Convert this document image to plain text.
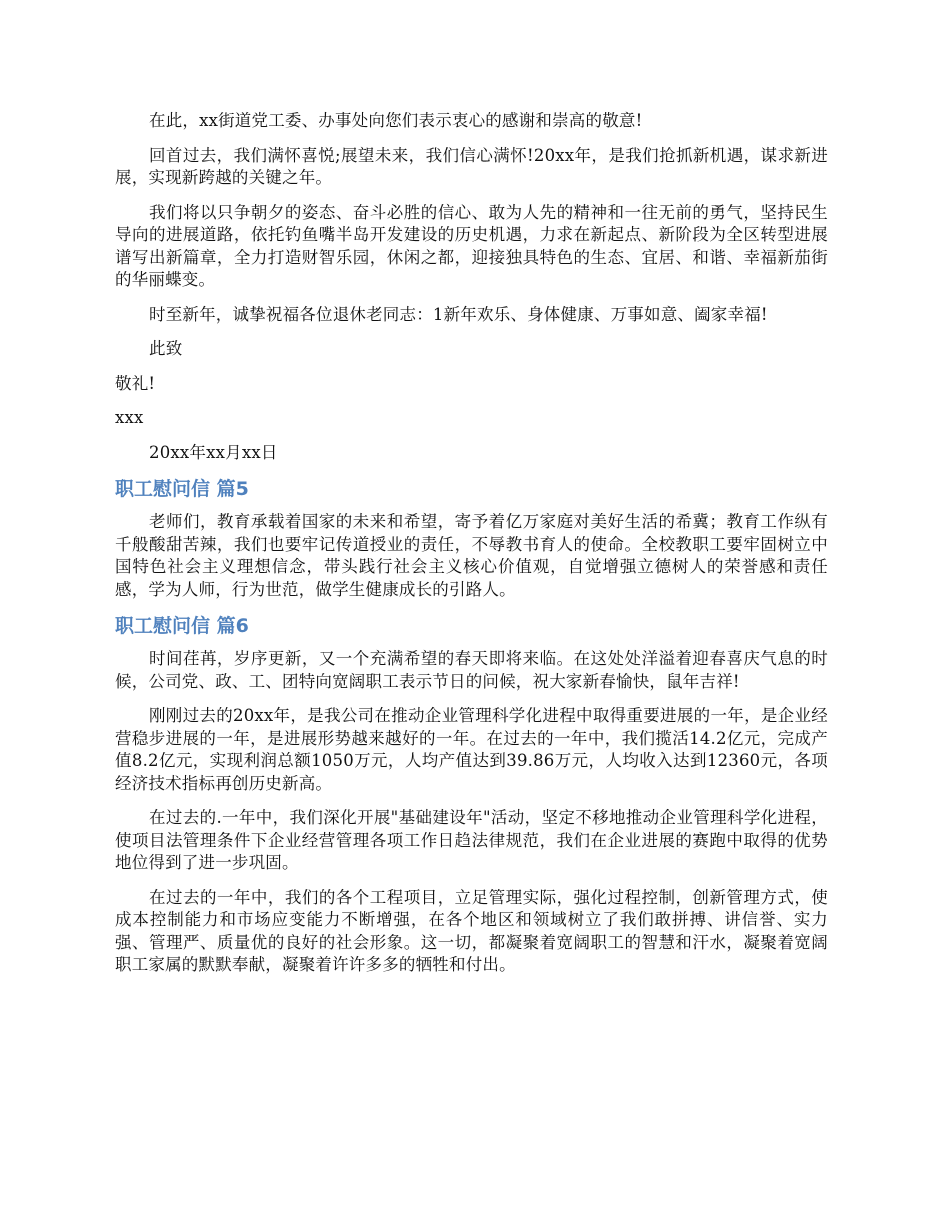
在此，xx街道党工委、办事处向您们表示衷心的感谢和崇高的敬意!

回首过去，我们满怀喜悦;展望未来，我们信心满怀!20xx年，是我们抢抓新机遇，谋求新进展，实现新跨越的关键之年。

我们将以只争朝夕的姿态、奋斗必胜的信心、敢为人先的精神和一往无前的勇气，坚持民生导向的进展道路，依托钓鱼嘴半岛开发建设的历史机遇，力求在新起点、新阶段为全区转型进展谱写出新篇章，全力打造财智乐园，休闲之都，迎接独具特色的生态、宜居、和谐、幸福新茄街的华丽蝶变。

时至新年，诚挚祝福各位退休老同志：1新年欢乐、身体健康、万事如意、阖家幸福!

此致

敬礼!

xxx

20xx年xx月xx日

职工慰问信 篇5

老师们，教育承载着国家的未来和希望，寄予着亿万家庭对美好生活的希冀；教育工作纵有千般酸甜苦辣，我们也要牢记传道授业的责任，不辱教书育人的使命。全校教职工要牢固树立中国特色社会主义理想信念，带头践行社会主义核心价值观，自觉增强立德树人的荣誉感和责任感，学为人师，行为世范，做学生健康成长的引路人。

职工慰问信 篇6

时间荏苒，岁序更新，又一个充满希望的春天即将来临。在这处处洋溢着迎春喜庆气息的时候，公司党、政、工、团特向宽阔职工表示节日的问候，祝大家新春愉快，鼠年吉祥!

刚刚过去的20xx年，是我公司在推动企业管理科学化进程中取得重要进展的一年，是企业经营稳步进展的一年，是进展形势越来越好的一年。在过去的一年中，我们揽活14.2亿元，完成产值8.2亿元，实现利润总额1050万元，人均产值达到39.86万元，人均收入达到12360元，各项经济技术指标再创历史新高。

在过去的.一年中，我们深化开展"基础建设年"活动，坚定不移地推动企业管理科学化进程，使项目法管理条件下企业经营管理各项工作日趋法律规范，我们在企业进展的赛跑中取得的优势地位得到了进一步巩固。

在过去的一年中，我们的各个工程项目，立足管理实际，强化过程控制，创新管理方式，使成本控制能力和市场应变能力不断增强，在各个地区和领域树立了我们敢拼搏、讲信誉、实力强、管理严、质量优的良好的社会形象。这一切，都凝聚着宽阔职工的智慧和汗水，凝聚着宽阔职工家属的默默奉献，凝聚着许许多多的牺牲和付出。
